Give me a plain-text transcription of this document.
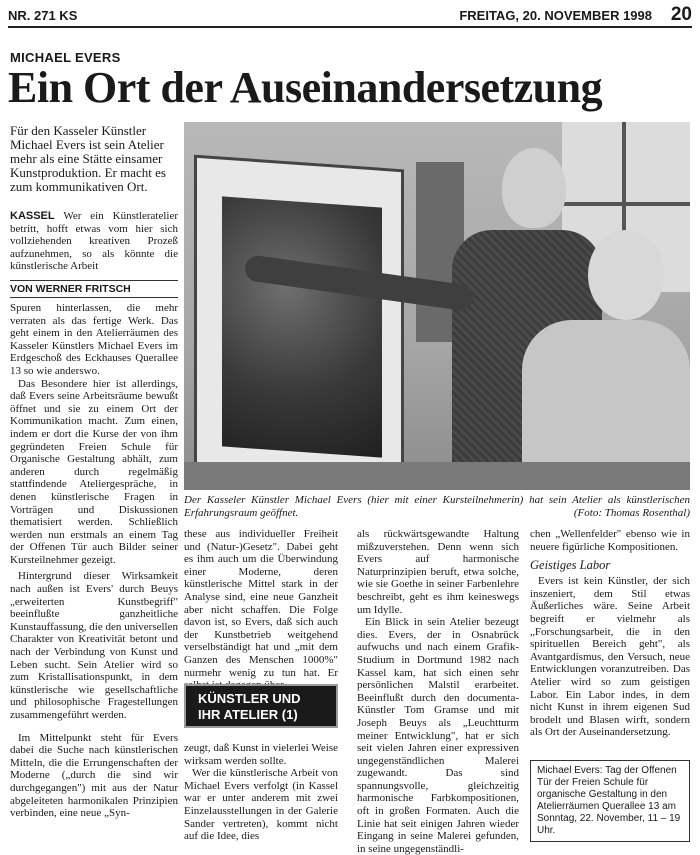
NR. 271 KS	FREITAG, 20. NOVEMBER 1998 20
MICHAEL EVERS
Ein Ort der Auseinandersetzung
Für den Kasseler Künstler Michael Evers ist sein Atelier mehr als eine Stätte einsamer Kunstproduktion. Er macht es zum kommunikativen Ort.
KASSEL Wer ein Künstleratelier betritt, hofft etwas vom hier sich vollziehenden kreativen Prozeß aufzunehmen, so als könnte die künstlerische Arbeit
VON WERNER FRITSCH

Spuren hinterlassen, die mehr verraten als das fertige Werk. Das geht einem in den Atelierräumen des Kasseler Künstlers Michael Evers im Erdgeschoß des Eckhauses Querallee 13 so wie anderswo.

Das Besondere hier ist allerdings, daß Evers seine Arbeitsräume bewußt öffnet und sie zu einem Ort der Kommunikation macht. Zum einen, indem er dort die Kurse der von ihm gegründeten Freien Schule für Organische Gestaltung abhält, zum anderen durch regelmäßig stattfindende Ateliergespräche, in denen künstlerische Fragen in Vorträgen und Diskussionen thematisiert werden. Schließlich werden nun erstmals an einem Tag der Offenen Tür auch Bilder seiner Kursteilnehmer gezeigt.

Hintergrund dieser Wirksamkeit nach außen ist Evers' durch Beuys „erweiterten Kunstbegriff" beeinflußte ganzheitliche Kunstauffassung, die den universellen Charakter von Kreativität betont und nach der Verbindung von Kunst und Leben sucht. Sein Atelier wird so zum Kristallisationspunkt, in dem künstlerische wie gesellschaftliche und philosophische Fragestellungen zusammengeführt werden.

Im Mittelpunkt steht für Evers dabei die Suche nach künstlerischen Mitteln, die die Errungenschaften der Moderne („durch die sind wir durchgegangen") mit aus der Natur abgeleiteten harmonikalen Prinzipien verbinden, eine neue „Syn-

Der Kasseler Künstler Michael Evers (hier mit einer Kursteilnehmerin) hat sein Atelier als künstlerischen Erfahrungsraum geöffnet.	(Foto: Thomas Rosenthal)

these aus individueller Freiheit und (Natur-)Gesetz". Dabei geht es ihm auch um die Überwindung einer Moderne, deren künstlerische Mittel stark in der Analyse sind, eine neue Ganzheit aber nicht schaffen. Die Folge davon ist, so Evers, daß sich auch der Kunstbetrieb weitgehend verselbständigt hat und „mit dem Ganzen des Menschen 1000%" nurmehr wenig zu tun hat. Er

KÜNSTLER UND IHR ATELIER (1)

zeugt, daß Kunst in vielerlei Weise wirksam werden sollte.

Wer die künstlerische Arbeit von Michael Evers verfolgt (in Kassel war er unter anderem mit zwei Einzelausstellungen in der Galerie Sander vertreten), kommt nicht auf die Idee, dies

als rückwärtsgewandte Haltung mißzuverstehen. Denn wenn sich Evers auf harmonische Naturprinzipien beruft, etwa solche, wie sie Goethe in seiner Farbenlehre beschreibt, geht es ihm keineswegs um Idylle.

Ein Blick in sein Atelier bezeugt dies. Evers, der in Osnabrück aufwuchs und nach einem Grafik-Studium in Dortmund 1982 nach Kassel kam, hat sich einen sehr persönlichen Malstil erarbeitet. Beeinflußt durch den documenta-Künstler Tom Gramse und mit Joseph Beuys als „Leuchtturm meiner Entwicklung", hat er sich seit vielen Jahren einer expressiven ungegenständlichen Malerei zugewandt. Das sind spannungsvolle, gleichzeitig harmonische Farbkompositionen, oft in großen Formaten. Auch die Linie hat seit einigen Jahren wieder Eingang in seine Malerei gefunden, in seine ungegenständli-

chen „Wellenfelder" ebenso wie in neuere figürliche Kompositionen.

Geistiges Labor

Evers ist kein Künstler, der sich inszeniert, dem Stil etwas Äußerliches wäre. Seine Arbeit begreift er vielmehr als „Forschungsarbeit, die in den spirituellen Bereich geht", als Avantgardismus, den Versuch, neue Entwicklungen voranzutreiben. Das Atelier wird so zum geistigen Labor. Ein Labor indes, in dem nicht Kunst in ihrem eigenen Sud brodelt und Blasen wirft, sondern als Ort der Auseinandersetzung.

Michael Evers: Tag der Offenen Tür der Freien Schule für organische Gestaltung in den Atelierräumen Querallee 13 am Sonntag, 22. November, 11 – 19 Uhr.
